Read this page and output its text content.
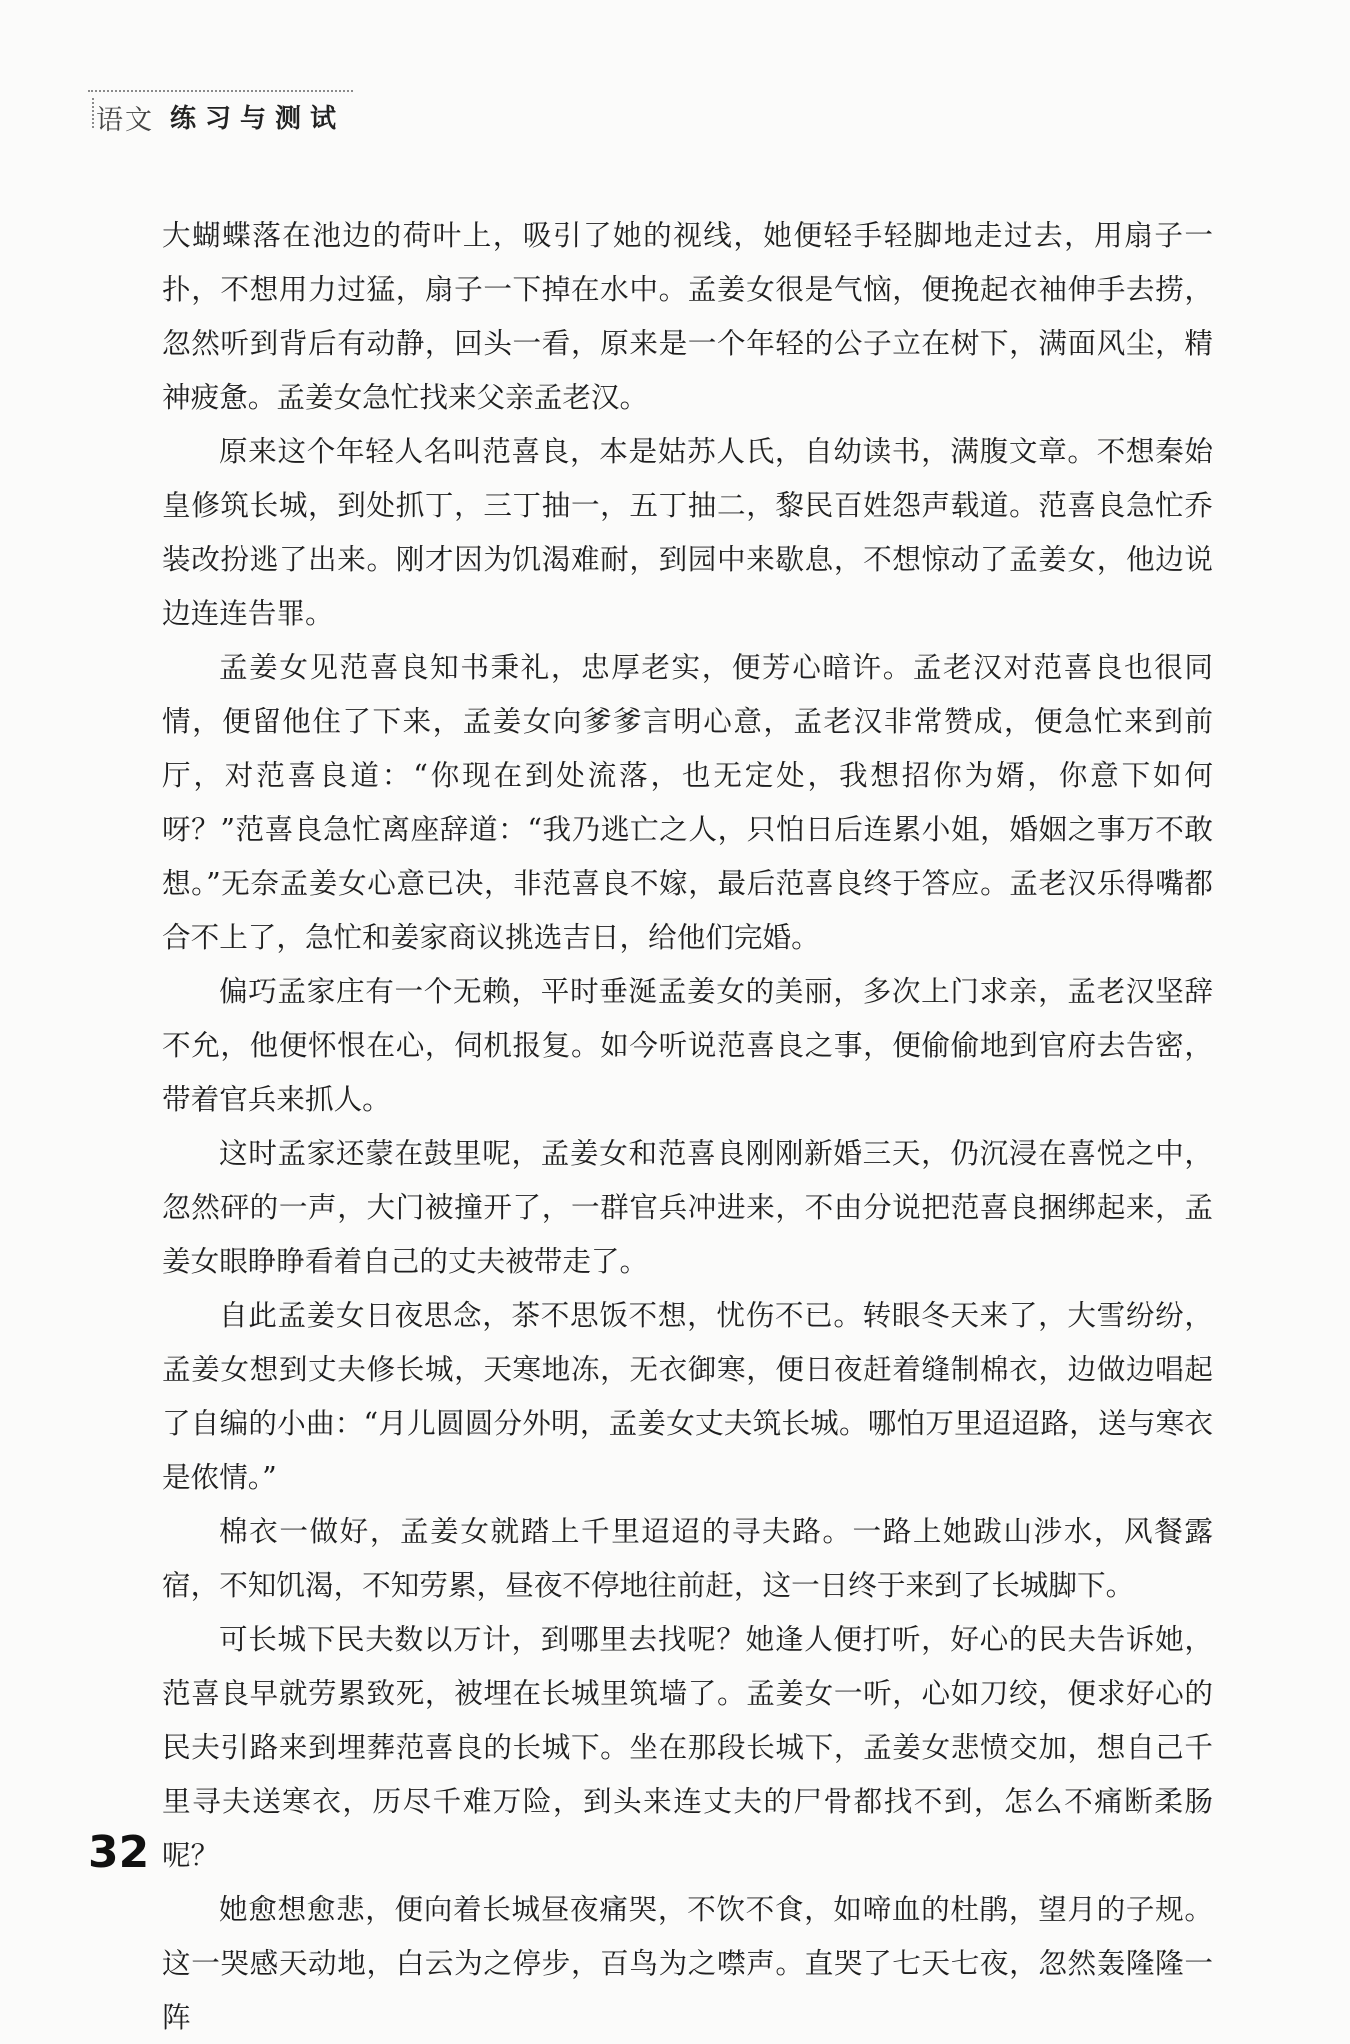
语文 练习与测试

大蝴蝶落在池边的荷叶上，吸引了她的视线，她便轻手轻脚地走过去，用扇子一扑，不想用力过猛，扇子一下掉在水中。孟姜女很是气恼，便挽起衣袖伸手去捞，忽然听到背后有动静，回头一看，原来是一个年轻的公子立在树下，满面风尘，精神疲惫。孟姜女急忙找来父亲孟老汉。

原来这个年轻人名叫范喜良，本是姑苏人氏，自幼读书，满腹文章。不想秦始皇修筑长城，到处抓丁，三丁抽一，五丁抽二，黎民百姓怨声载道。范喜良急忙乔装改扮逃了出来。刚才因为饥渴难耐，到园中来歇息，不想惊动了孟姜女，他边说边连连告罪。

孟姜女见范喜良知书秉礼，忠厚老实，便芳心暗许。孟老汉对范喜良也很同情，便留他住了下来，孟姜女向爹爹言明心意，孟老汉非常赞成，便急忙来到前厅，对范喜良道：“你现在到处流落，也无定处，我想招你为婿，你意下如何呀？”范喜良急忙离座辞道：“我乃逃亡之人，只怕日后连累小姐，婚姻之事万不敢想。”无奈孟姜女心意已决，非范喜良不嫁，最后范喜良终于答应。孟老汉乐得嘴都合不上了，急忙和姜家商议挑选吉日，给他们完婚。

偏巧孟家庄有一个无赖，平时垂涎孟姜女的美丽，多次上门求亲，孟老汉坚辞不允，他便怀恨在心，伺机报复。如今听说范喜良之事，便偷偷地到官府去告密，带着官兵来抓人。

这时孟家还蒙在鼓里呢，孟姜女和范喜良刚刚新婚三天，仍沉浸在喜悦之中，忽然砰的一声，大门被撞开了，一群官兵冲进来，不由分说把范喜良捆绑起来，孟姜女眼睁睁看着自己的丈夫被带走了。

自此孟姜女日夜思念，茶不思饭不想，忧伤不已。转眼冬天来了，大雪纷纷，孟姜女想到丈夫修长城，天寒地冻，无衣御寒，便日夜赶着缝制棉衣，边做边唱起了自编的小曲：“月儿圆圆分外明，孟姜女丈夫筑长城。哪怕万里迢迢路，送与寒衣是侬情。”

棉衣一做好，孟姜女就踏上千里迢迢的寻夫路。一路上她跋山涉水，风餐露宿，不知饥渴，不知劳累，昼夜不停地往前赶，这一日终于来到了长城脚下。

可长城下民夫数以万计，到哪里去找呢？她逢人便打听，好心的民夫告诉她，范喜良早就劳累致死，被埋在长城里筑墙了。孟姜女一听，心如刀绞，便求好心的民夫引路来到埋葬范喜良的长城下。坐在那段长城下，孟姜女悲愤交加，想自己千里寻夫送寒衣，历尽千难万险，到头来连丈夫的尸骨都找不到，怎么不痛断柔肠呢？

她愈想愈悲，便向着长城昼夜痛哭，不饮不食，如啼血的杜鹃，望月的子规。这一哭感天动地，白云为之停步，百鸟为之噤声。直哭了七天七夜，忽然轰隆隆一阵

32
